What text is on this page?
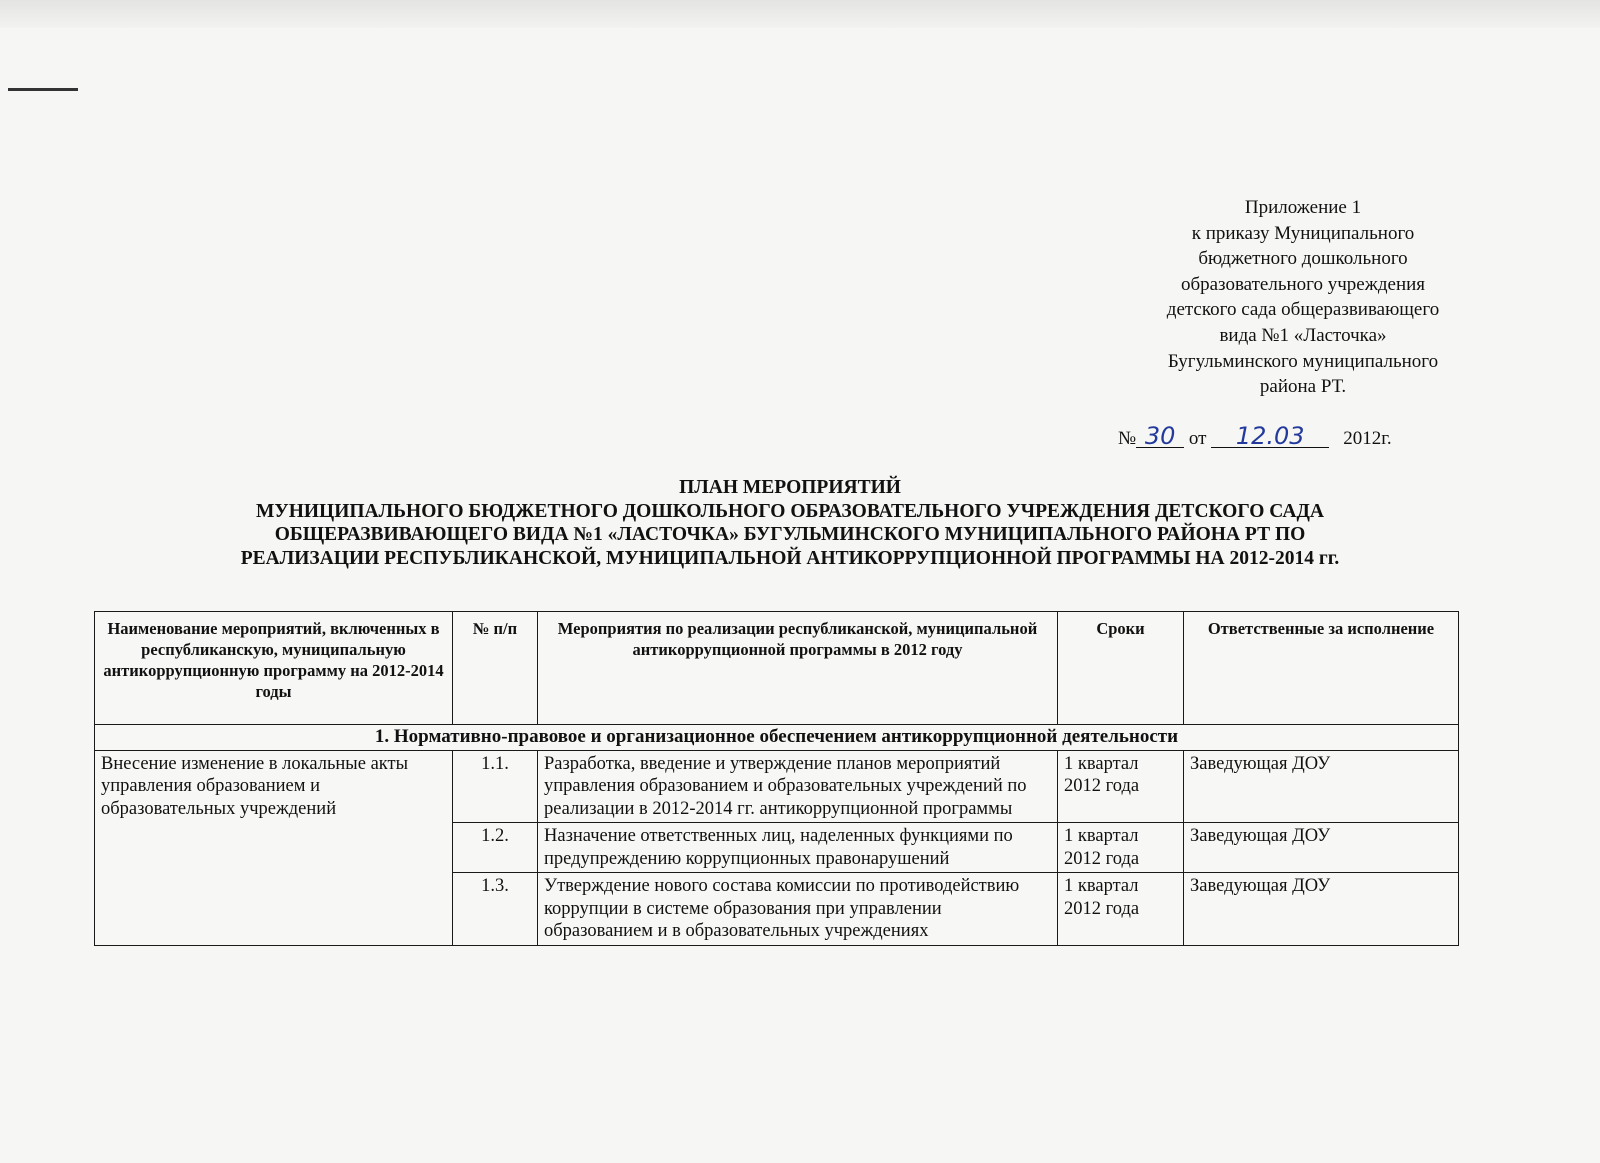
Приложение 1
к приказу Муниципального
бюджетного дошкольного
образовательного учреждения
детского сада общеразвивающего
вида №1 «Ласточка»
Бугульминского муниципального
района РТ.
№ 30 от 12.03 2012г.
ПЛАН МЕРОПРИЯТИЙ
МУНИЦИПАЛЬНОГО БЮДЖЕТНОГО ДОШКОЛЬНОГО ОБРАЗОВАТЕЛЬНОГО УЧРЕЖДЕНИЯ ДЕТСКОГО САДА
ОБЩЕРАЗВИВАЮЩЕГО ВИДА №1 «ЛАСТОЧКА» БУГУЛЬМИНСКОГО МУНИЦИПАЛЬНОГО РАЙОНА РТ ПО
РЕАЛИЗАЦИИ РЕСПУБЛИКАНСКОЙ, МУНИЦИПАЛЬНОЙ АНТИКОРРУПЦИОННОЙ ПРОГРАММЫ НА 2012-2014 гг.
Наименование мероприятий, включенных в республиканскую, муниципальную антикоррупционную программу на 2012-2014 годы	№ п/п	Мероприятия по реализации республиканской, муниципальной антикоррупционной программы в 2012 году	Сроки	Ответственные за исполнение
1. Нормативно-правовое и организационное обеспечением антикоррупционной деятельности				
Внесение изменение в локальные акты управления образованием и образовательных учреждений	1.1.	Разработка, введение и утверждение планов мероприятий управления образованием и образовательных учреждений по реализации в 2012-2014 гг. антикоррупционной программы	1 квартал 2012 года	Заведующая ДОУ
	1.2.	Назначение ответственных лиц, наделенных функциями по предупреждению коррупционных правонарушений	1 квартал 2012 года	Заведующая ДОУ
	1.3.	Утверждение нового состава комиссии по противодействию коррупции в системе образования при управлении образованием и в образовательных учреждениях	1 квартал 2012 года	Заведующая ДОУ
